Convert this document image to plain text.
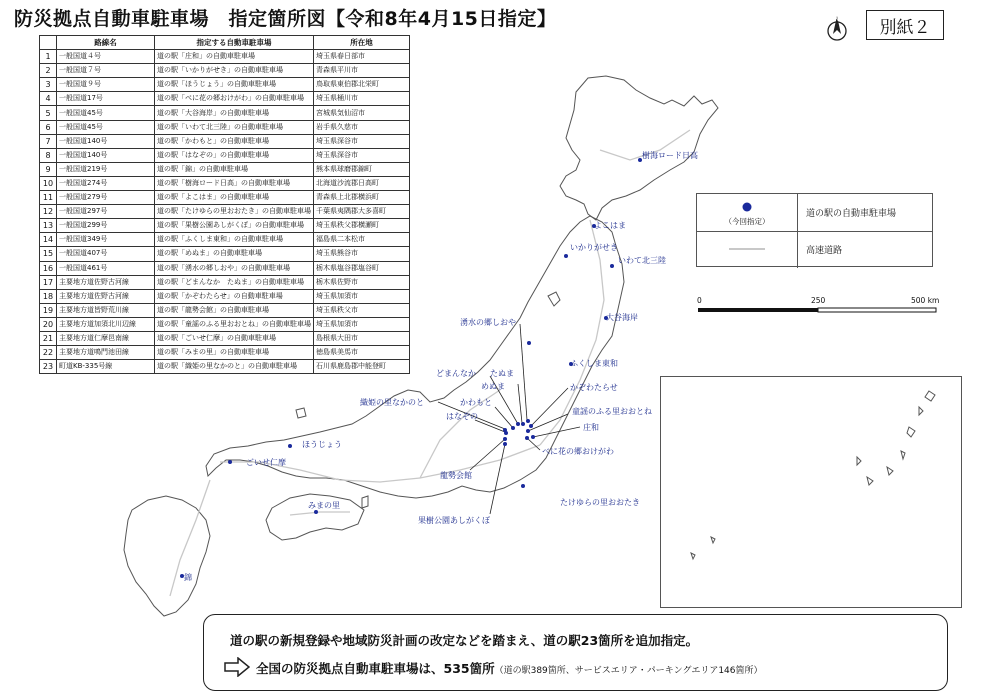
防災拠点自動車駐車場　指定箇所図【令和8年4月15日指定】	N	別紙２
	路線名	指定する自動車駐車場	所在地
1	一般国道４号	道の駅「庄和」の自動車駐車場	埼玉県春日部市
2	一般国道７号	道の駅「いかりがせき」の自動車駐車場	青森県平川市
3	一般国道９号	道の駅「ほうじょう」の自動車駐車場	鳥取県東伯郡北栄町
4	一般国道17号	道の駅「べに花の郷おけがわ」の自動車駐車場	埼玉県桶川市
5	一般国道45号	道の駅「大谷海岸」の自動車駐車場	宮城県気仙沼市
6	一般国道45号	道の駅「いわて北三陸」の自動車駐車場	岩手県久慈市
7	一般国道140号	道の駅「かわもと」の自動車駐車場	埼玉県深谷市
8	一般国道140号	道の駅「はなぞの」の自動車駐車場	埼玉県深谷市
9	一般国道219号	道の駅「錦」の自動車駐車場	熊本県球磨郡錦町
10	一般国道274号	道の駅「樹海ロード日高」の自動車駐車場	北海道沙流郡日高町
11	一般国道279号	道の駅「よこはま」の自動車駐車場	青森県上北郡横浜町
12	一般国道297号	道の駅「たけゆらの里おおたき」の自動車駐車場	千葉県夷隅郡大多喜町
13	一般国道299号	道の駅「果樹公園あしがくぼ」の自動車駐車場	埼玉県秩父郡横瀬町
14	一般国道349号	道の駅「ふくしま東和」の自動車駐車場	福島県二本松市
15	一般国道407号	道の駅「めぬま」の自動車駐車場	埼玉県熊谷市
16	一般国道461号	道の駅「湧水の郷しおや」の自動車駐車場	栃木県塩谷郡塩谷町
17	主要地方道佐野古河線	道の駅「どまんなか　たぬま」の自動車駐車場	栃木県佐野市
18	主要地方道佐野古河線	道の駅「かぞわたらせ」の自動車駐車場	埼玉県加須市
19	主要地方道皆野荒川線	道の駅「龍勢会館」の自動車駐車場	埼玉県秩父市
20	主要地方道加須北川辺線	道の駅「童謡のふる里おおとね」の自動車駐車場	埼玉県加須市
21	主要地方道仁摩邑南線	道の駅「ごいせ仁摩」の自動車駐車場	島根県大田市
22	主要地方道鳴門池田線	道の駅「みまの里」の自動車駐車場	徳島県美馬市
23	町道KB-335号線	道の駅「織姫の里なかのと」の自動車駐車場	石川県鹿島郡中能登町
樹海ロード日高
よこはま
いかりがせき
いわて北三陸
大谷海岸
湧水の郷しおや
ふくしま東和
どまんなか たぬま
めぬま	かぞわたらせ
織姫の里なかのと	かわもと
童謡のふる里おおとね
はなぞの
庄和
ほうじょう
ごいせ仁摩
べに花の郷おけがわ
龍勢会館
みまの里	たけゆらの里おおたき
果樹公園あしがくぼ
錦
（今回指定）
道の駅の自動車駐車場
高速道路
0	250	500 km
道の駅の新規登録や地域防災計画の改定などを踏まえ、道の駅23箇所を追加指定。
全国の防災拠点自動車駐車場は、535箇所（道の駅389箇所、サービスエリア・パーキングエリア146箇所）
